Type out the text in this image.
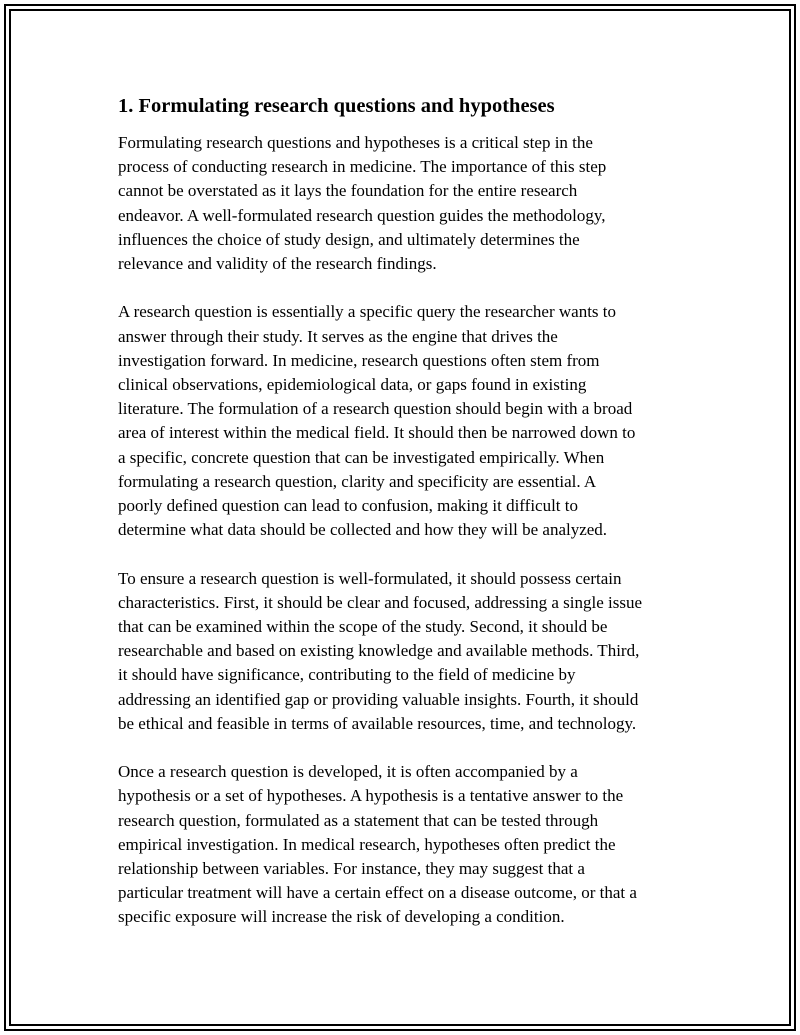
1. Formulating research questions and hypotheses

Formulating research questions and hypotheses is a critical step in the
process of conducting research in medicine. The importance of this step
cannot be overstated as it lays the foundation for the entire research
endeavor. A well-formulated research question guides the methodology,
influences the choice of study design, and ultimately determines the
relevance and validity of the research findings.

A research question is essentially a specific query the researcher wants to
answer through their study. It serves as the engine that drives the
investigation forward. In medicine, research questions often stem from
clinical observations, epidemiological data, or gaps found in existing
literature. The formulation of a research question should begin with a broad
area of interest within the medical field. It should then be narrowed down to
a specific, concrete question that can be investigated empirically. When
formulating a research question, clarity and specificity are essential. A
poorly defined question can lead to confusion, making it difficult to
determine what data should be collected and how they will be analyzed.

To ensure a research question is well-formulated, it should possess certain
characteristics. First, it should be clear and focused, addressing a single issue
that can be examined within the scope of the study. Second, it should be
researchable and based on existing knowledge and available methods. Third,
it should have significance, contributing to the field of medicine by
addressing an identified gap or providing valuable insights. Fourth, it should
be ethical and feasible in terms of available resources, time, and technology.

Once a research question is developed, it is often accompanied by a
hypothesis or a set of hypotheses. A hypothesis is a tentative answer to the
research question, formulated as a statement that can be tested through
empirical investigation. In medical research, hypotheses often predict the
relationship between variables. For instance, they may suggest that a
particular treatment will have a certain effect on a disease outcome, or that a
specific exposure will increase the risk of developing a condition.
